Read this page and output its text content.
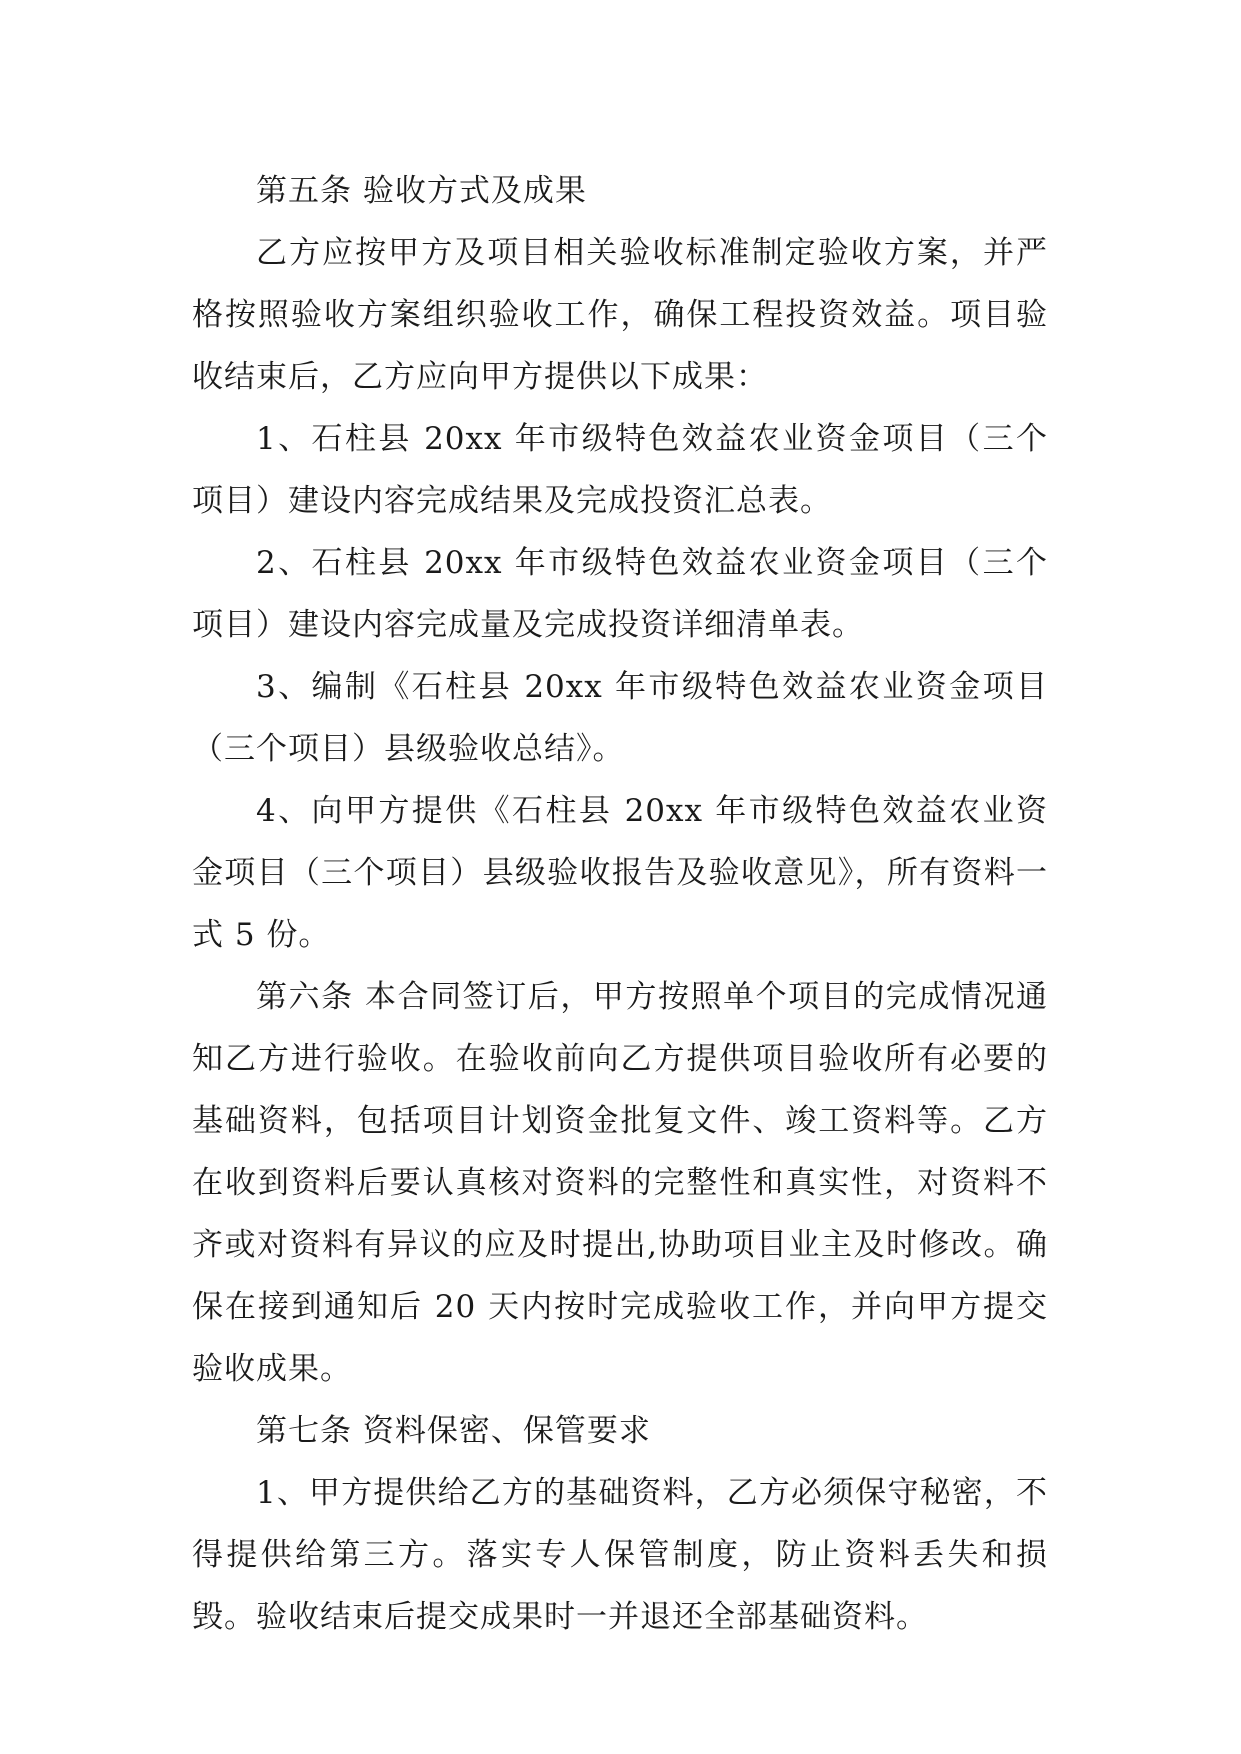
第五条 验收方式及成果

乙方应按甲方及项目相关验收标准制定验收方案，并严格按照验收方案组织验收工作，确保工程投资效益。项目验收结束后，乙方应向甲方提供以下成果：

1、石柱县 20xx 年市级特色效益农业资金项目（三个项目）建设内容完成结果及完成投资汇总表。

2、石柱县 20xx 年市级特色效益农业资金项目（三个项目）建设内容完成量及完成投资详细清单表。

3、编制《石柱县 20xx 年市级特色效益农业资金项目（三个项目）县级验收总结》。

4、向甲方提供《石柱县 20xx 年市级特色效益农业资金项目（三个项目）县级验收报告及验收意见》，所有资料一式 5 份。

第六条 本合同签订后，甲方按照单个项目的完成情况通知乙方进行验收。在验收前向乙方提供项目验收所有必要的基础资料，包括项目计划资金批复文件、竣工资料等。乙方在收到资料后要认真核对资料的完整性和真实性，对资料不齐或对资料有异议的应及时提出,协助项目业主及时修改。确保在接到通知后 20 天内按时完成验收工作，并向甲方提交验收成果。

第七条 资料保密、保管要求

1、甲方提供给乙方的基础资料，乙方必须保守秘密，不得提供给第三方。落实专人保管制度，防止资料丢失和损毁。验收结束后提交成果时一并退还全部基础资料。
